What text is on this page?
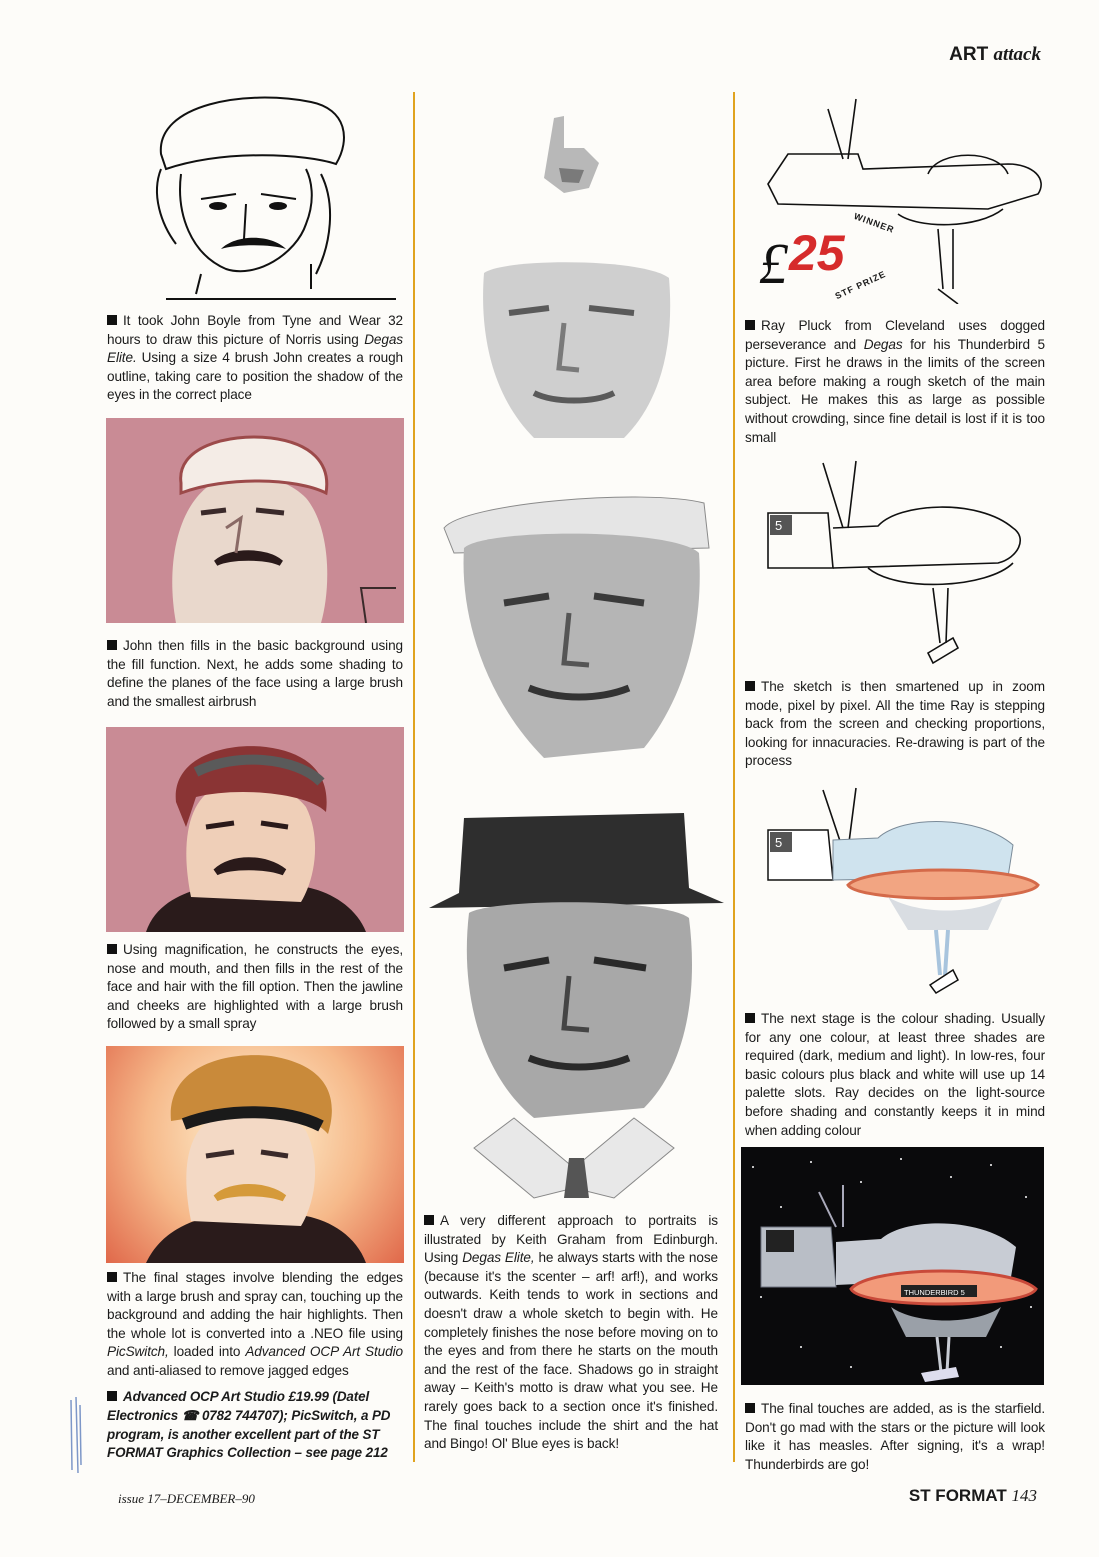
ART attack
It took John Boyle from Tyne and Wear 32 hours to draw this picture of Norris using Degas Elite. Using a size 4 brush John creates a rough outline, taking care to position the shadow of the eyes in the correct place
John then fills in the basic background using the fill function. Next, he adds some shading to define the planes of the face using a large brush and the smallest airbrush
Using magnification, he constructs the eyes, nose and mouth, and then fills in the rest of the face and hair with the fill option. Then the jawline and cheeks are highlighted with a large brush followed by a small spray
The final stages involve blending the edges with a large brush and spray can, touching up the background and adding the hair highlights. Then the whole lot is converted into a .NEO file using PicSwitch, loaded into Advanced OCP Art Studio and anti-aliased to remove jagged edges
Advanced OCP Art Studio £19.99 (Datel Electronics ☎ 0782 744707); PicSwitch, a PD program, is another excellent part of the ST FORMAT Graphics Collection – see page 212
A very different approach to portraits is illustrated by Keith Graham from Edinburgh. Using Degas Elite, he always starts with the nose (because it's the scenter – arf! arf!), and works outwards. Keith tends to work in sections and doesn't draw a whole sketch to begin with. He completely finishes the nose before moving on to the eyes and from there he starts on the mouth and the rest of the face. Shadows go in straight away – Keith's motto is draw what you see. He rarely goes back to a section once it's finished. The final touches include the shirt and the hat and Bingo! Ol' Blue eyes is back!
£ 25
WINNER
STF PRIZE
Ray Pluck from Cleveland uses dogged perseverance and Degas for his Thunderbird 5 picture. First he draws in the limits of the screen area before making a rough sketch of the main subject. He makes this as large as possible without crowding, since fine detail is lost if it is too small
5
The sketch is then smartened up in zoom mode, pixel by pixel. All the time Ray is stepping back from the screen and checking proportions, looking for innacuracies. Re-drawing is part of the process
5
The next stage is the colour shading. Usually for any one colour, at least three shades are required (dark, medium and light). In low-res, four basic colours plus black and white will use up 14 palette slots. Ray decides on the light-source before shading and constantly keeps it in mind when adding colour
THUNDERBIRD 5
The final touches are added, as is the starfield. Don't go mad with the stars or the picture will look like it has measles. After signing, it's a wrap! Thunderbirds are go!
issue 17–DECEMBER–90	ST FORMAT 143
